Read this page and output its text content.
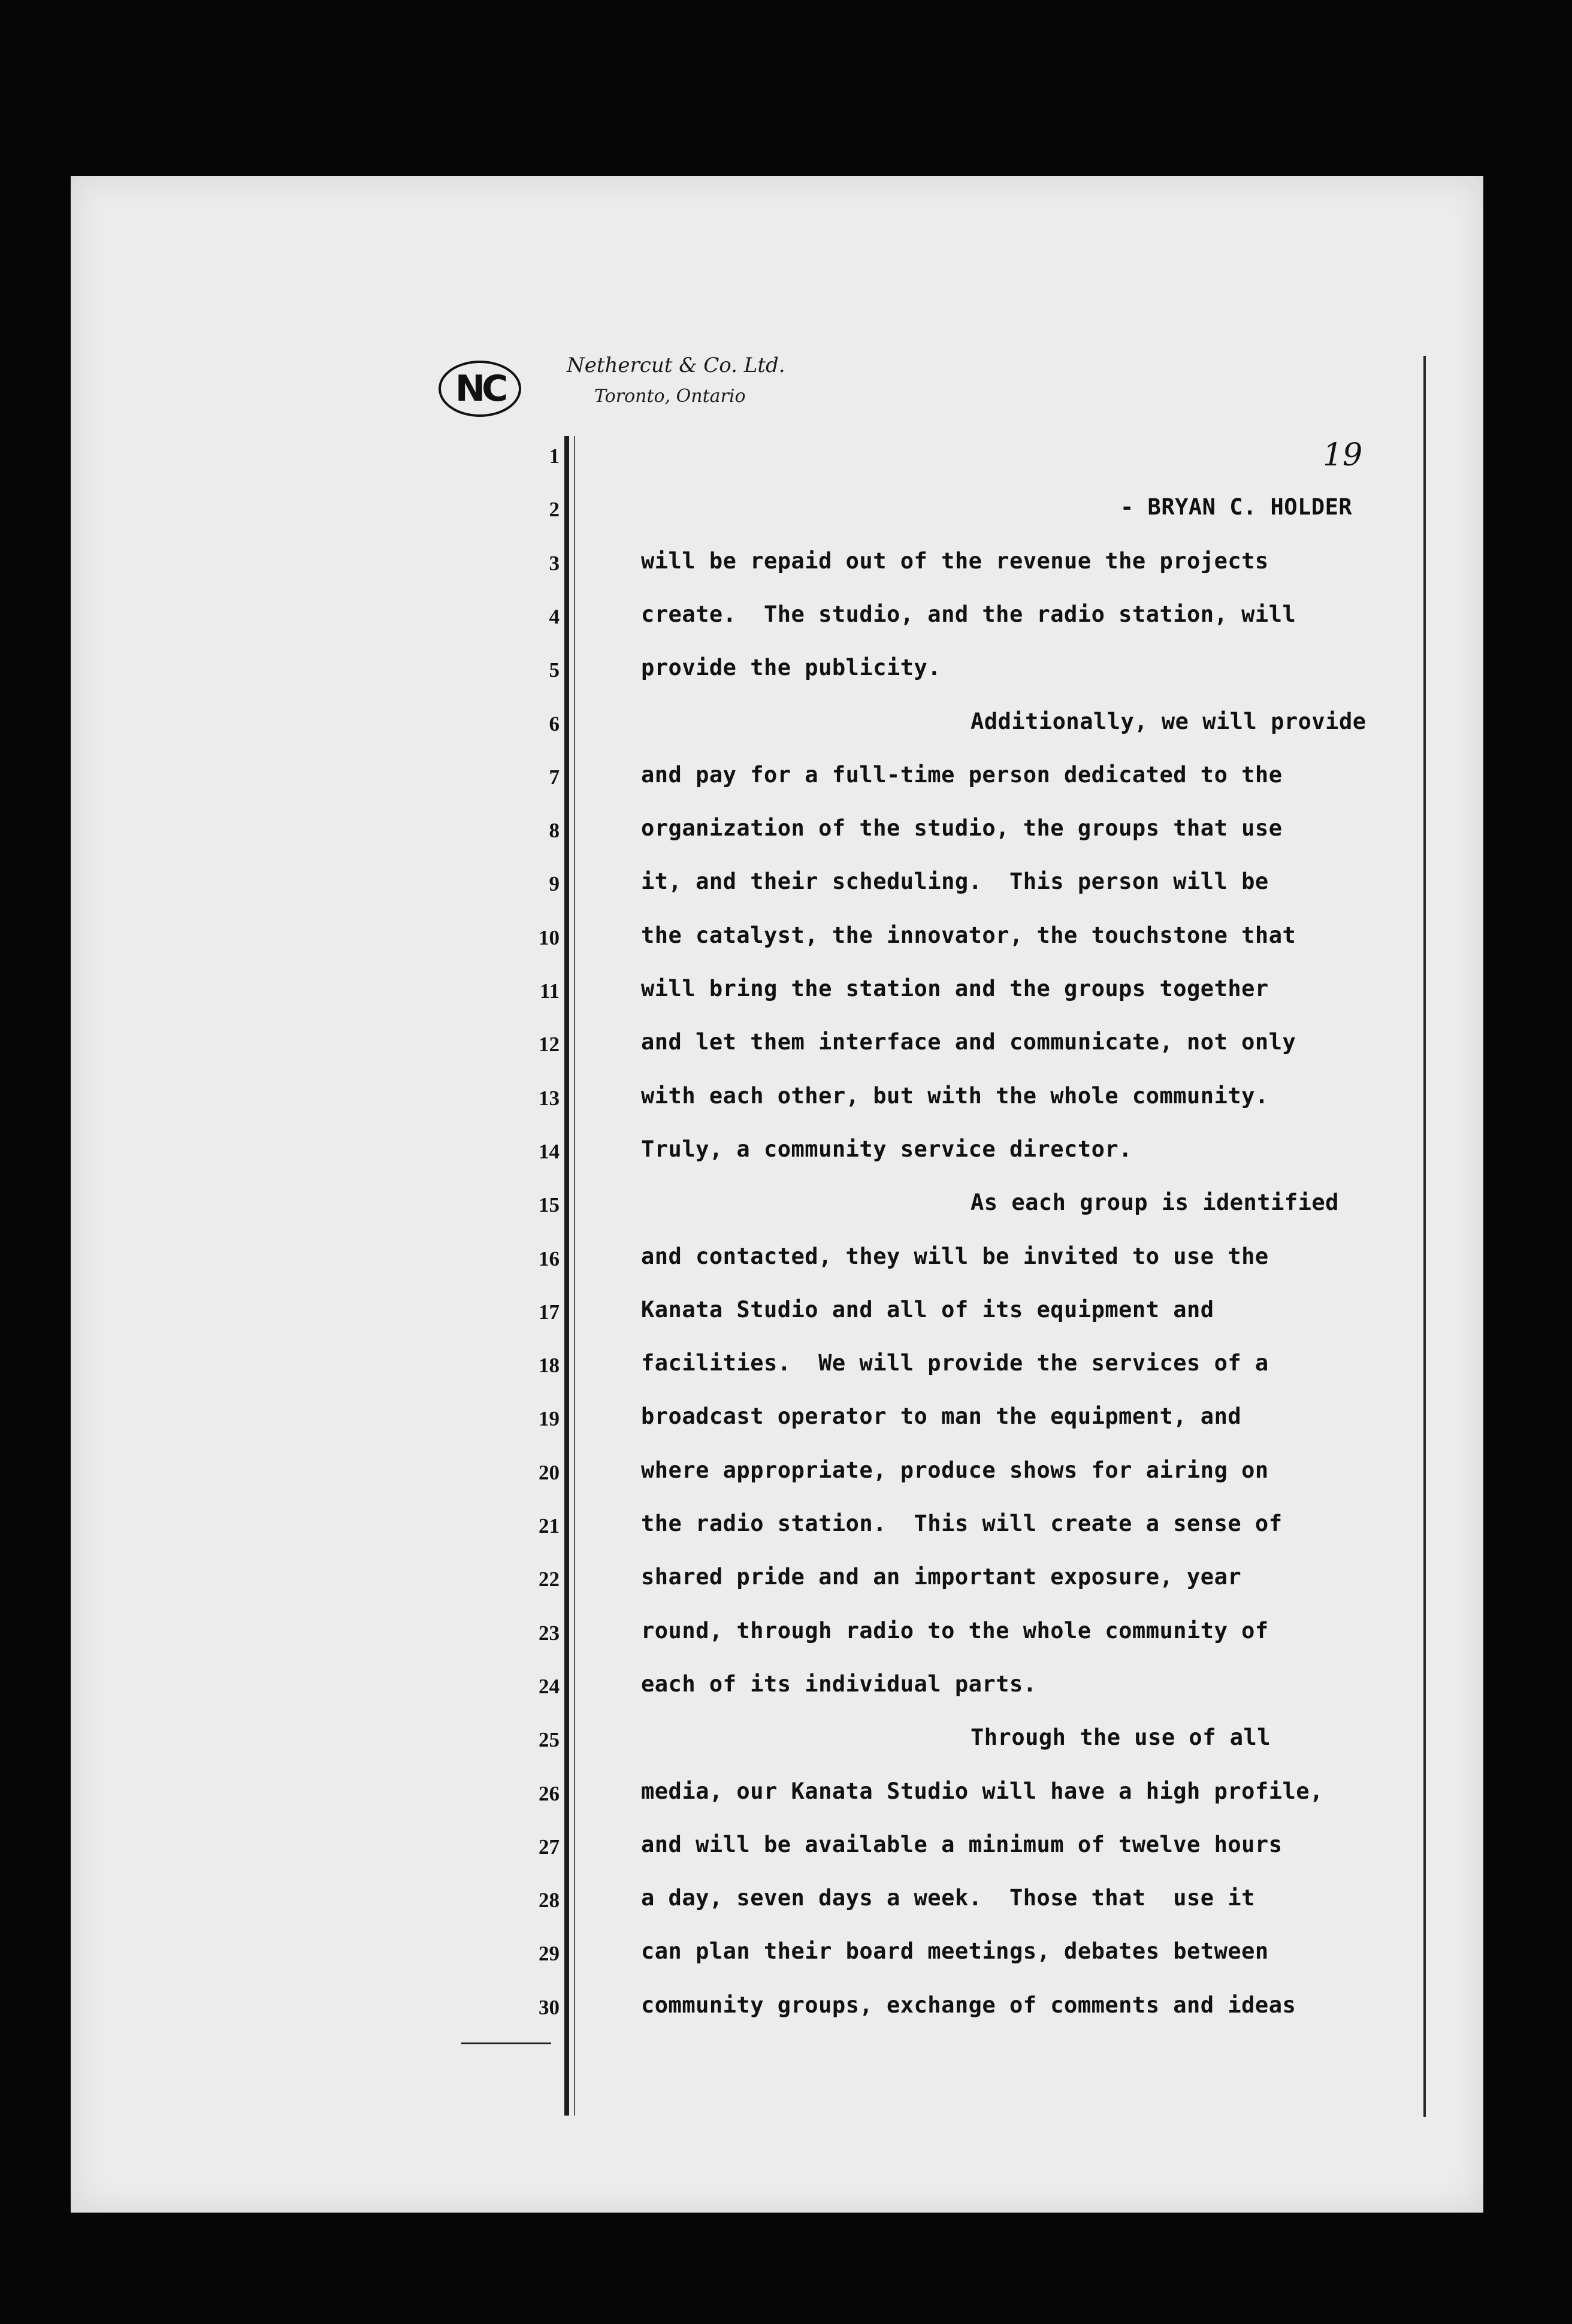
NC
Nethercut & Co. Ltd.
Toronto, Ontario
19
1
2
3
4
5
6
7
8
9
10
11
12
13
14
15
16
17
18
19
20
21
22
23
24
25
26
27
28
29
30
- BRYAN C. HOLDER
will be repaid out of the revenue the projects
create.  The studio, and the radio station, will
provide the publicity.
Additionally, we will provide
and pay for a full-time person dedicated to the
organization of the studio, the groups that use
it, and their scheduling.  This person will be
the catalyst, the innovator, the touchstone that
will bring the station and the groups together
and let them interface and communicate, not only
with each other, but with the whole community.
Truly, a community service director.
As each group is identified
and contacted, they will be invited to use the
Kanata Studio and all of its equipment and
facilities.  We will provide the services of a
broadcast operator to man the equipment, and
where appropriate, produce shows for airing on
the radio station.  This will create a sense of
shared pride and an important exposure, year
round, through radio to the whole community of
each of its individual parts.
Through the use of all
media, our Kanata Studio will have a high profile,
and will be available a minimum of twelve hours
a day, seven days a week.  Those that  use it
can plan their board meetings, debates between
community groups, exchange of comments and ideas
